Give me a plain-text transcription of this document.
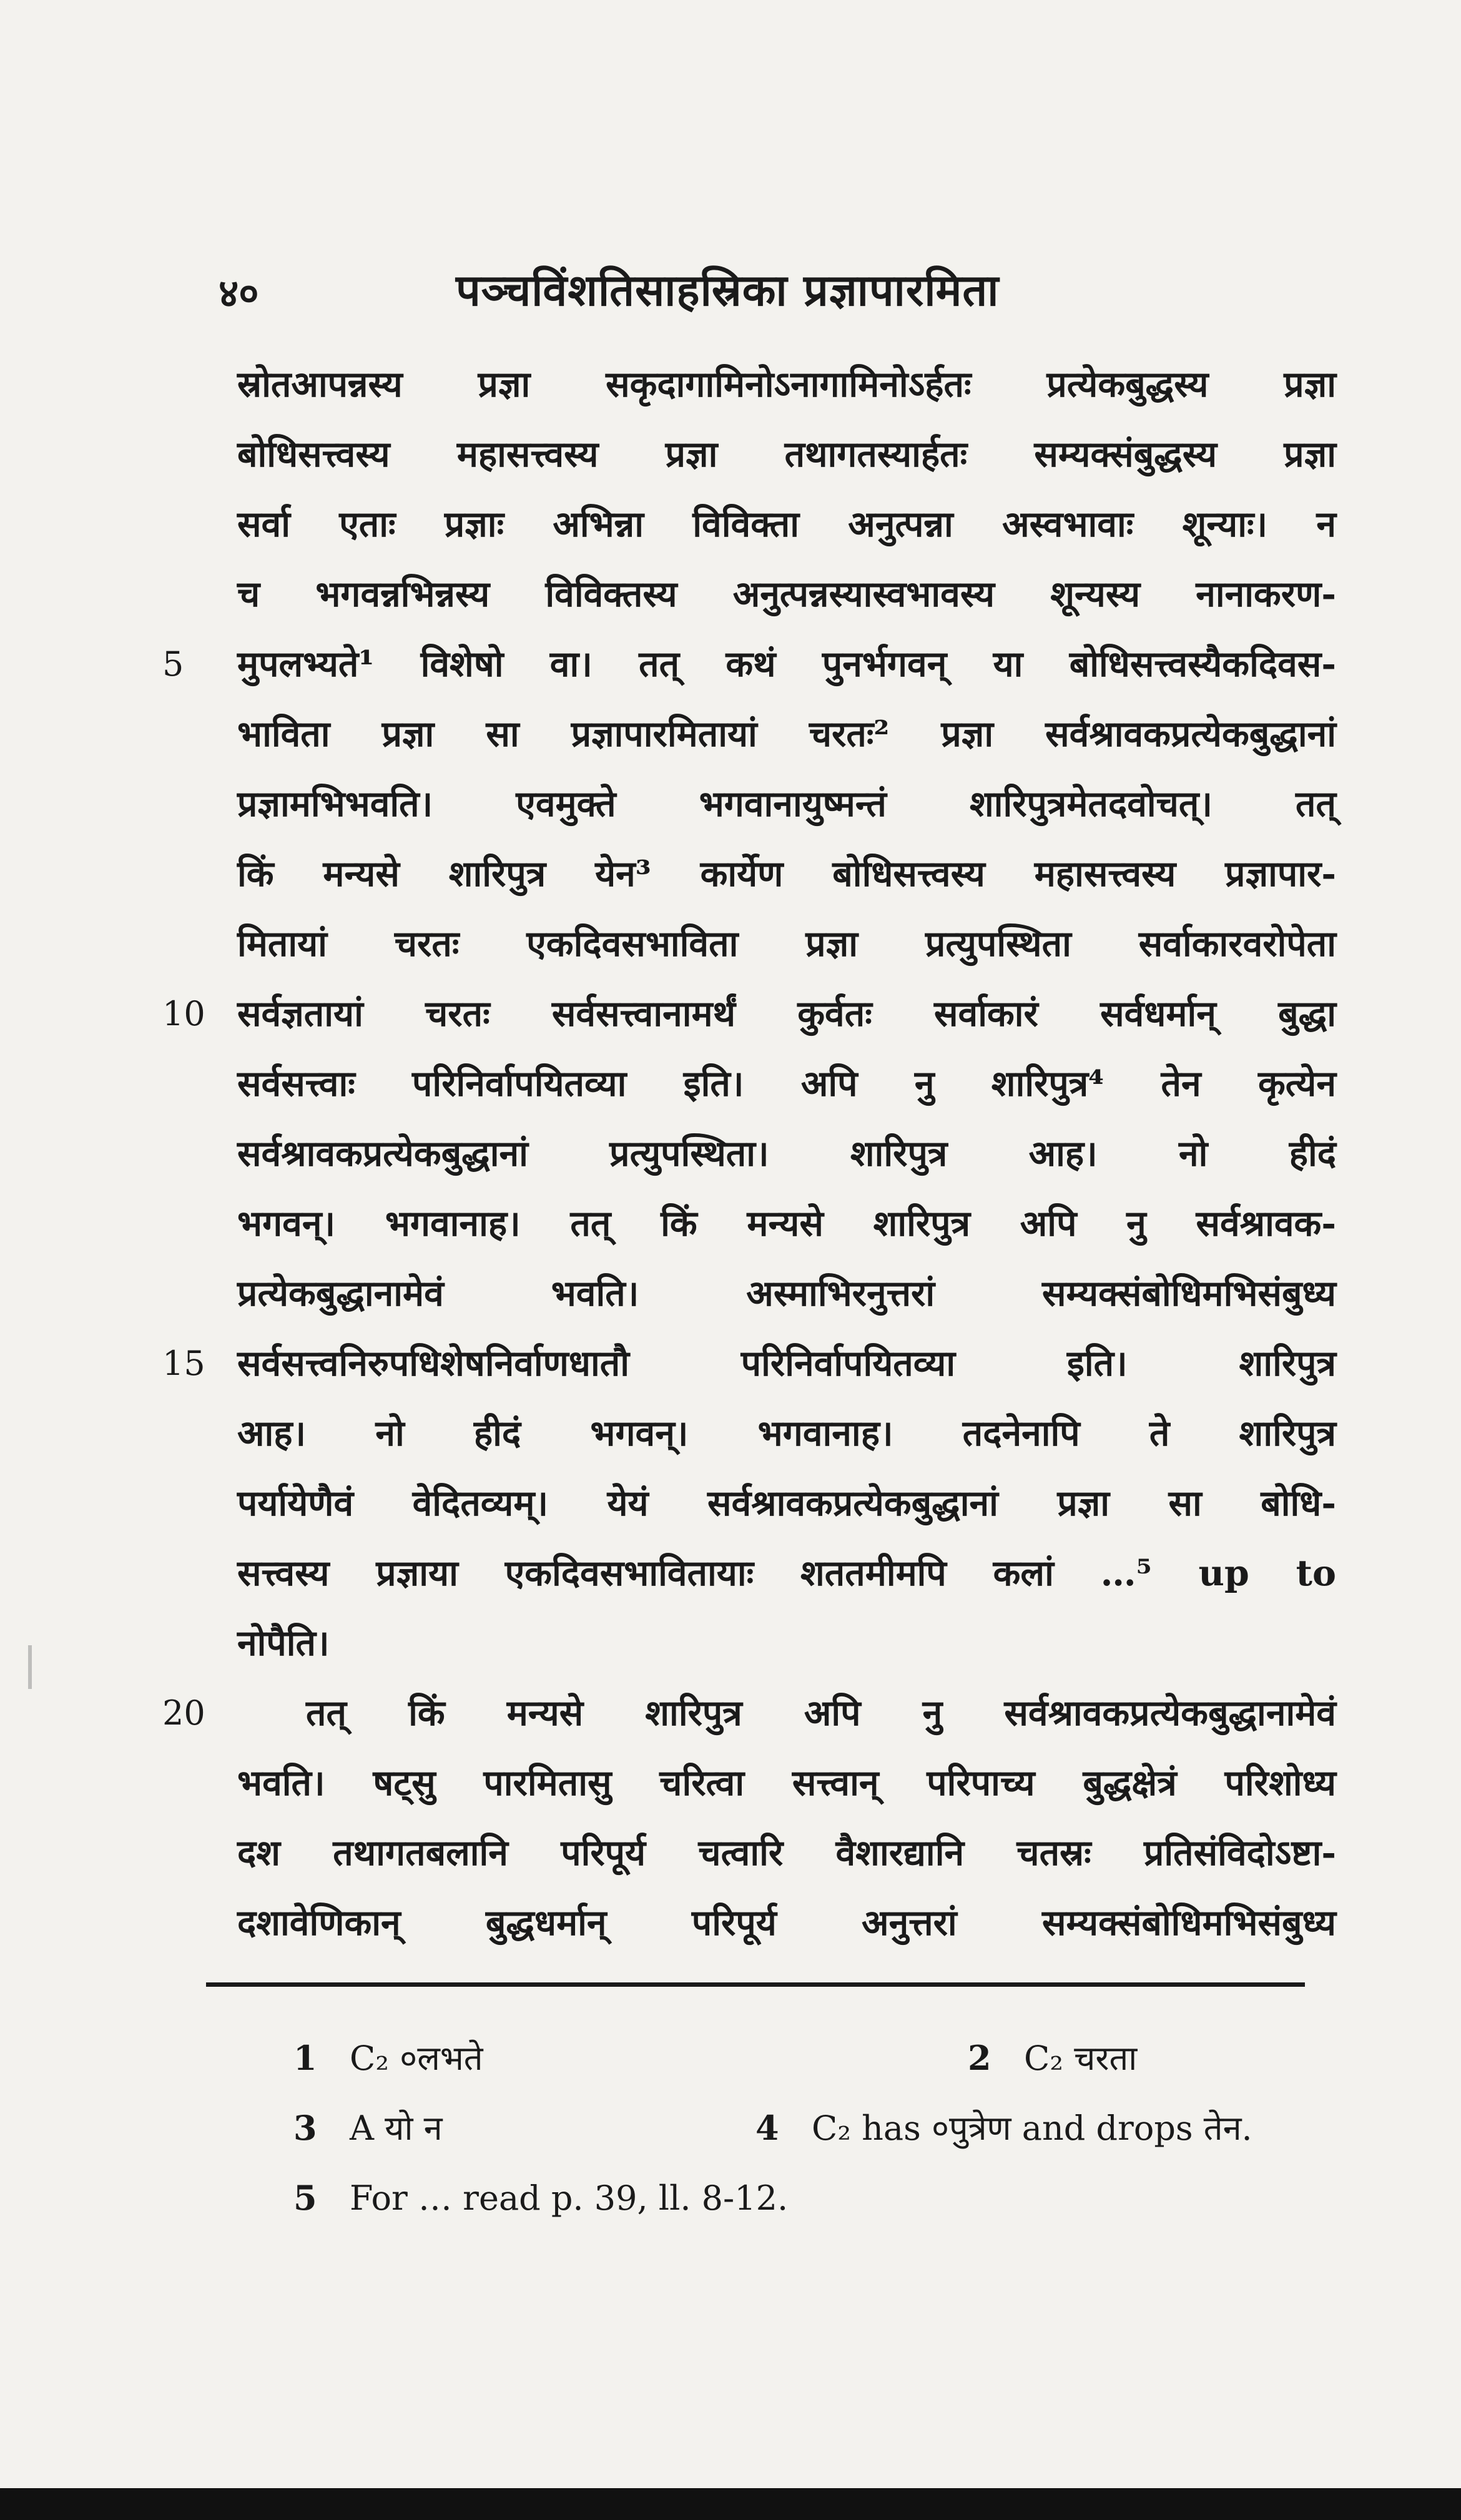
४०	पञ्चविंशतिसाहस्रिका प्रज्ञापारमिता
स्रोतआपन्नस्य प्रज्ञा सकृदागामिनोऽनागामिनोऽर्हतः प्रत्येकबुद्धस्य प्रज्ञा
बोधिसत्त्वस्य महासत्त्वस्य प्रज्ञा तथागतस्यार्हतः सम्यक्संबुद्धस्य प्रज्ञा
सर्वा एताः प्रज्ञाः अभिन्ना विविक्ता अनुत्पन्ना अस्वभावाः शून्याः। न
च भगवन्नभिन्नस्य विविक्तस्य अनुत्पन्नस्यास्वभावस्य शून्यस्य नानाकरण-
5	मुपलभ्यते¹ विशेषो वा। तत् कथं पुनर्भगवन् या बोधिसत्त्वस्यैकदिवस-
भाविता प्रज्ञा सा प्रज्ञापारमितायां चरतः² प्रज्ञा सर्वश्रावकप्रत्येकबुद्धानां
प्रज्ञामभिभवति। एवमुक्ते भगवानायुष्मन्तं शारिपुत्रमेतदवोचत्। तत्
किं मन्यसे शारिपुत्र येन³ कार्येण बोधिसत्त्वस्य महासत्त्वस्य प्रज्ञापार-
मितायां चरतः एकदिवसभाविता प्रज्ञा प्रत्युपस्थिता सर्वाकारवरोपेता
10 सर्वज्ञतायां चरतः सर्वसत्त्वानामर्थं कुर्वतः सर्वाकारं सर्वधर्मान् बुद्धा
सर्वसत्त्वाः परिनिर्वापयितव्या इति। अपि नु शारिपुत्र⁴ तेन कृत्येन
सर्वश्रावकप्रत्येकबुद्धानां प्रत्युपस्थिता। शारिपुत्र आह। नो हीदं
भगवन्। भगवानाह। तत् किं मन्यसे शारिपुत्र अपि नु सर्वश्रावक-
प्रत्येकबुद्धानामेवं भवति। अस्माभिरनुत्तरां सम्यक्संबोधिमभिसंबुध्य
15 सर्वसत्त्वनिरुपधिशेषनिर्वाणधातौ परिनिर्वापयितव्या इति। शारिपुत्र
आह। नो हीदं भगवन्। भगवानाह। तदनेनापि ते शारिपुत्र
पर्यायेणैवं वेदितव्यम्। येयं सर्वश्रावकप्रत्येकबुद्धानां प्रज्ञा सा बोधि-
सत्त्वस्य प्रज्ञाया एकदिवसभावितायाः शततमीमपि कलां …⁵ up to
नोपैति।
20	तत् किं मन्यसे शारिपुत्र अपि नु सर्वश्रावकप्रत्येकबुद्धानामेवं
भवति। षट्सु पारमितासु चरित्वा सत्त्वान् परिपाच्य बुद्धक्षेत्रं परिशोध्य
दश तथागतबलानि परिपूर्य चत्वारि वैशारद्यानि चतस्रः प्रतिसंविदोऽष्टा-
दशावेणिकान् बुद्धधर्मान् परिपूर्य अनुत्तरां सम्यक्संबोधिमभिसंबुध्य
1 C₂ ०लभते	2 C₂ चरता
3 A यो न	4 C₂ has ०पुत्रेण and drops तेन.
5 For … read p. 39, ll. 8-12.
